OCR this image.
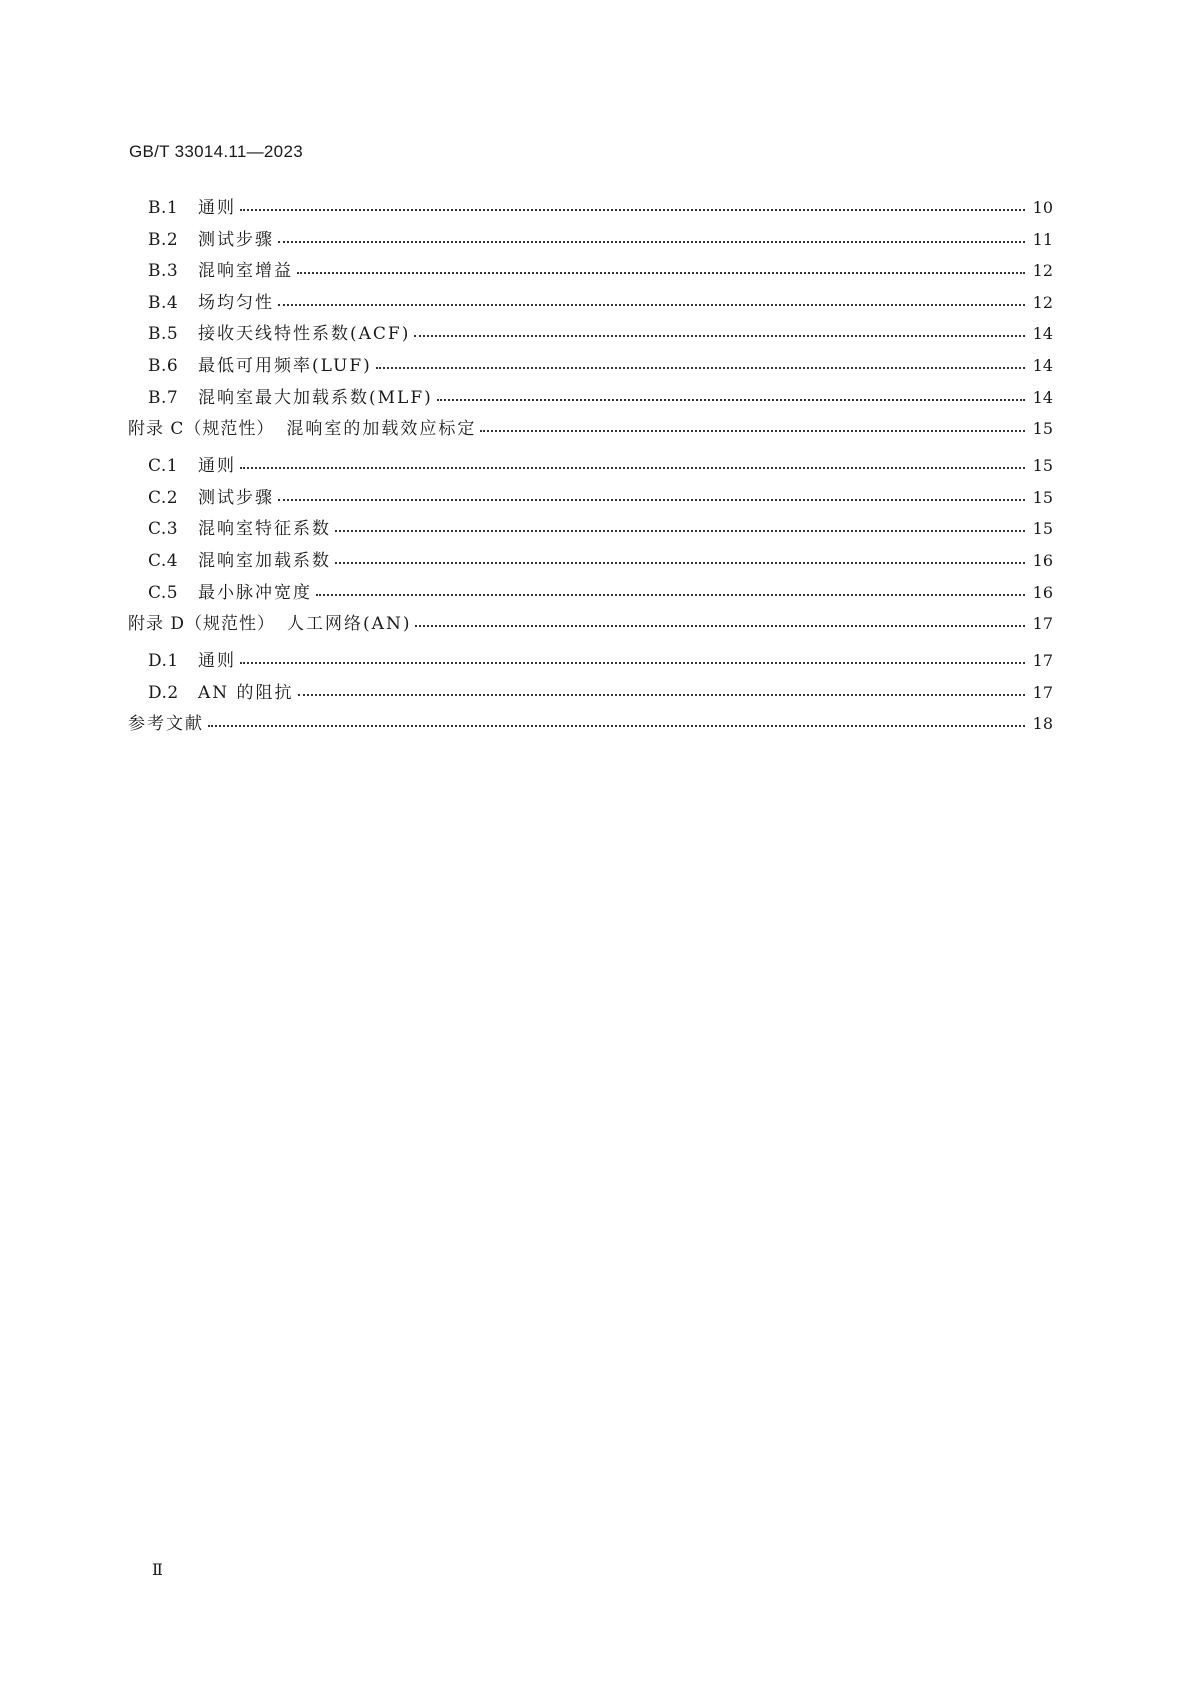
GB/T 33014.11—2023
B.1	通则	10
B.2	测试步骤	11
B.3	混响室增益	12
B.4	场均匀性	12
B.5	接收天线特性系数(ACF)	14
B.6	最低可用频率(LUF)	14
B.7	混响室最大加载系数(MLF)	14
附录 C（规范性） 混响室的加载效应标定	15
C.1	通则	15
C.2	测试步骤	15
C.3	混响室特征系数	15
C.4	混响室加载系数	16
C.5	最小脉冲宽度	16
附录 D（规范性） 人工网络(AN)	17
D.1	通则	17
D.2	AN 的阻抗	17
参考文献	18
Ⅱ
